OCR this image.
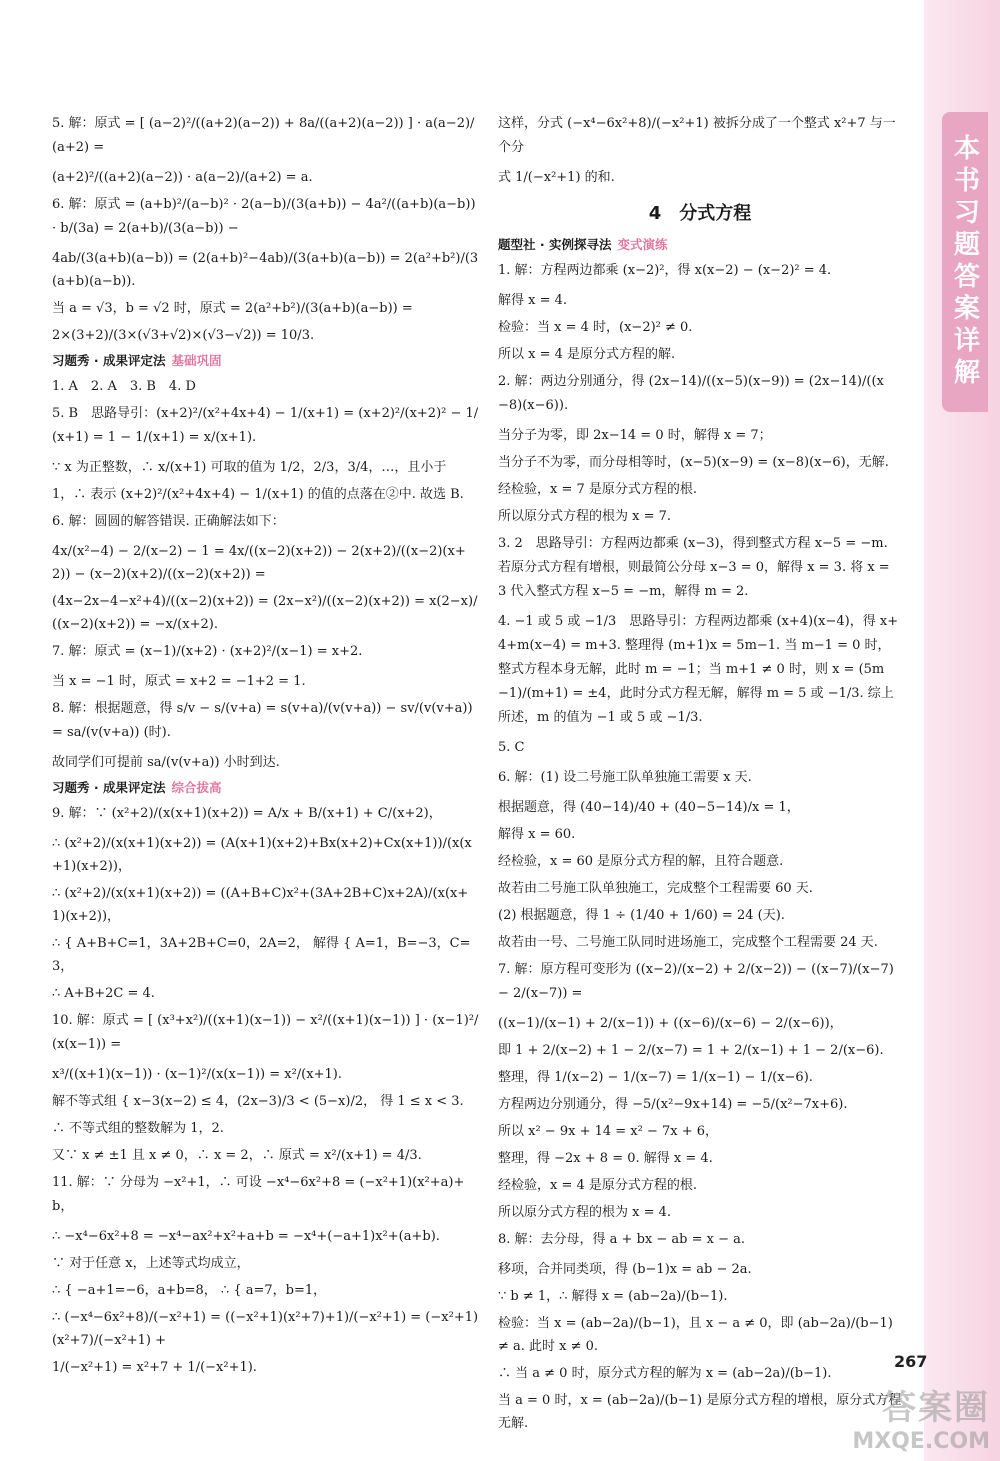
本书习题答案详解

5. 解：原式 = [ (a−2)²/((a+2)(a−2)) + 8a/((a+2)(a−2)) ] · a(a−2)/(a+2) =

(a+2)²/((a+2)(a−2)) · a(a−2)/(a+2) = a.

6. 解：原式 = (a+b)²/(a−b)² · 2(a−b)/(3(a+b)) − 4a²/((a+b)(a−b)) · b/(3a) = 2(a+b)/(3(a−b)) −

4ab/(3(a+b)(a−b)) = (2(a+b)²−4ab)/(3(a+b)(a−b)) = 2(a²+b²)/(3(a+b)(a−b)).

当 a = √3，b = √2 时，原式 = 2(a²+b²)/(3(a+b)(a−b)) =

2×(3+2)/(3×(√3+√2)×(√3−√2)) = 10/3.

习题秀 · 成果评定法 基础巩固

1. A　2. A　3. B　4. D

5. B　思路导引：(x+2)²/(x²+4x+4) − 1/(x+1) = (x+2)²/(x+2)² − 1/(x+1) = 1 − 1/(x+1) = x/(x+1).

∵ x 为正整数，∴ x/(x+1) 可取的值为 1/2，2/3，3/4，…，且小于

1，∴ 表示 (x+2)²/(x²+4x+4) − 1/(x+1) 的值的点落在②中. 故选 B.

6. 解：圆圆的解答错误. 正确解法如下：

4x/(x²−4) − 2/(x−2) − 1 = 4x/((x−2)(x+2)) − 2(x+2)/((x−2)(x+2)) − (x−2)(x+2)/((x−2)(x+2)) =

(4x−2x−4−x²+4)/((x−2)(x+2)) = (2x−x²)/((x−2)(x+2)) = x(2−x)/((x−2)(x+2)) = −x/(x+2).

7. 解：原式 = (x−1)/(x+2) · (x+2)²/(x−1) = x+2.

当 x = −1 时，原式 = x+2 = −1+2 = 1.

8. 解：根据题意，得 s/v − s/(v+a) = s(v+a)/(v(v+a)) − sv/(v(v+a)) = sa/(v(v+a)) (时).

故同学们可提前 sa/(v(v+a)) 小时到达.

习题秀 · 成果评定法 综合拔高

9. 解：∵ (x²+2)/(x(x+1)(x+2)) = A/x + B/(x+1) + C/(x+2)，

∴ (x²+2)/(x(x+1)(x+2)) = (A(x+1)(x+2)+Bx(x+2)+Cx(x+1))/(x(x+1)(x+2))，

∴ (x²+2)/(x(x+1)(x+2)) = ((A+B+C)x²+(3A+2B+C)x+2A)/(x(x+1)(x+2))，

∴ { A+B+C=1，3A+2B+C=0，2A=2， 解得 { A=1，B=−3，C=3，

∴ A+B+2C = 4.

10. 解：原式 = [ (x³+x²)/((x+1)(x−1)) − x²/((x+1)(x−1)) ] · (x−1)²/(x(x−1)) =

x³/((x+1)(x−1)) · (x−1)²/(x(x−1)) = x²/(x+1).

解不等式组 { x−3(x−2) ≤ 4，(2x−3)/3 < (5−x)/2， 得 1 ≤ x < 3.

∴ 不等式组的整数解为 1，2.

又∵ x ≠ ±1 且 x ≠ 0，∴ x = 2，∴ 原式 = x²/(x+1) = 4/3.

11. 解：∵ 分母为 −x²+1，∴ 可设 −x⁴−6x²+8 = (−x²+1)(x²+a)+b，

∴ −x⁴−6x²+8 = −x⁴−ax²+x²+a+b = −x⁴+(−a+1)x²+(a+b).

∵ 对于任意 x，上述等式均成立，

∴ { −a+1=−6，a+b=8， ∴ { a=7，b=1，

∴ (−x⁴−6x²+8)/(−x²+1) = ((−x²+1)(x²+7)+1)/(−x²+1) = (−x²+1)(x²+7)/(−x²+1) +

1/(−x²+1) = x²+7 + 1/(−x²+1).

这样，分式 (−x⁴−6x²+8)/(−x²+1) 被拆分成了一个整式 x²+7 与一个分

式 1/(−x²+1) 的和.

4　分式方程
题型社 · 实例探寻法 变式演练

1. 解：方程两边都乘 (x−2)²，得 x(x−2) − (x−2)² = 4.

解得 x = 4.

检验：当 x = 4 时，(x−2)² ≠ 0.

所以 x = 4 是原分式方程的解.

2. 解：两边分别通分，得 (2x−14)/((x−5)(x−9)) = (2x−14)/((x−8)(x−6)).

当分子为零，即 2x−14 = 0 时，解得 x = 7；

当分子不为零，而分母相等时，(x−5)(x−9) = (x−8)(x−6)，无解.

经检验，x = 7 是原分式方程的根.

所以原分式方程的根为 x = 7.

3. 2　思路导引：方程两边都乘 (x−3)，得到整式方程 x−5 = −m. 若原分式方程有增根，则最简公分母 x−3 = 0，解得 x = 3. 将 x = 3 代入整式方程 x−5 = −m，解得 m = 2.

4. −1 或 5 或 −1/3　思路导引：方程两边都乘 (x+4)(x−4)，得 x+4+m(x−4) = m+3. 整理得 (m+1)x = 5m−1. 当 m−1 = 0 时，整式方程本身无解，此时 m = −1；当 m+1 ≠ 0 时，则 x = (5m−1)/(m+1) = ±4，此时分式方程无解，解得 m = 5 或 −1/3. 综上所述，m 的值为 −1 或 5 或 −1/3.

5. C

6. 解：(1) 设二号施工队单独施工需要 x 天.

根据题意，得 (40−14)/40 + (40−5−14)/x = 1，

解得 x = 60.

经检验，x = 60 是原分式方程的解，且符合题意.

故若由二号施工队单独施工，完成整个工程需要 60 天.

(2) 根据题意，得 1 ÷ (1/40 + 1/60) = 24 (天).

故若由一号、二号施工队同时进场施工，完成整个工程需要 24 天.

7. 解：原方程可变形为 ((x−2)/(x−2) + 2/(x−2)) − ((x−7)/(x−7) − 2/(x−7)) =

((x−1)/(x−1) + 2/(x−1)) + ((x−6)/(x−6) − 2/(x−6))，

即 1 + 2/(x−2) + 1 − 2/(x−7) = 1 + 2/(x−1) + 1 − 2/(x−6).

整理，得 1/(x−2) − 1/(x−7) = 1/(x−1) − 1/(x−6).

方程两边分别通分，得 −5/(x²−9x+14) = −5/(x²−7x+6).

所以 x² − 9x + 14 = x² − 7x + 6，

整理，得 −2x + 8 = 0. 解得 x = 4.

经检验，x = 4 是原分式方程的根.

所以原分式方程的根为 x = 4.

8. 解：去分母，得 a + bx − ab = x − a.

移项，合并同类项，得 (b−1)x = ab − 2a.

∵ b ≠ 1，∴ 解得 x = (ab−2a)/(b−1).

检验：当 x = (ab−2a)/(b−1)，且 x − a ≠ 0，即 (ab−2a)/(b−1) ≠ a. 此时 x ≠ 0.

∴ 当 a ≠ 0 时，原分式方程的解为 x = (ab−2a)/(b−1).

当 a = 0 时，x = (ab−2a)/(b−1) 是原分式方程的增根，原分式方程无解.

267
答案圈
MXQE.COM
